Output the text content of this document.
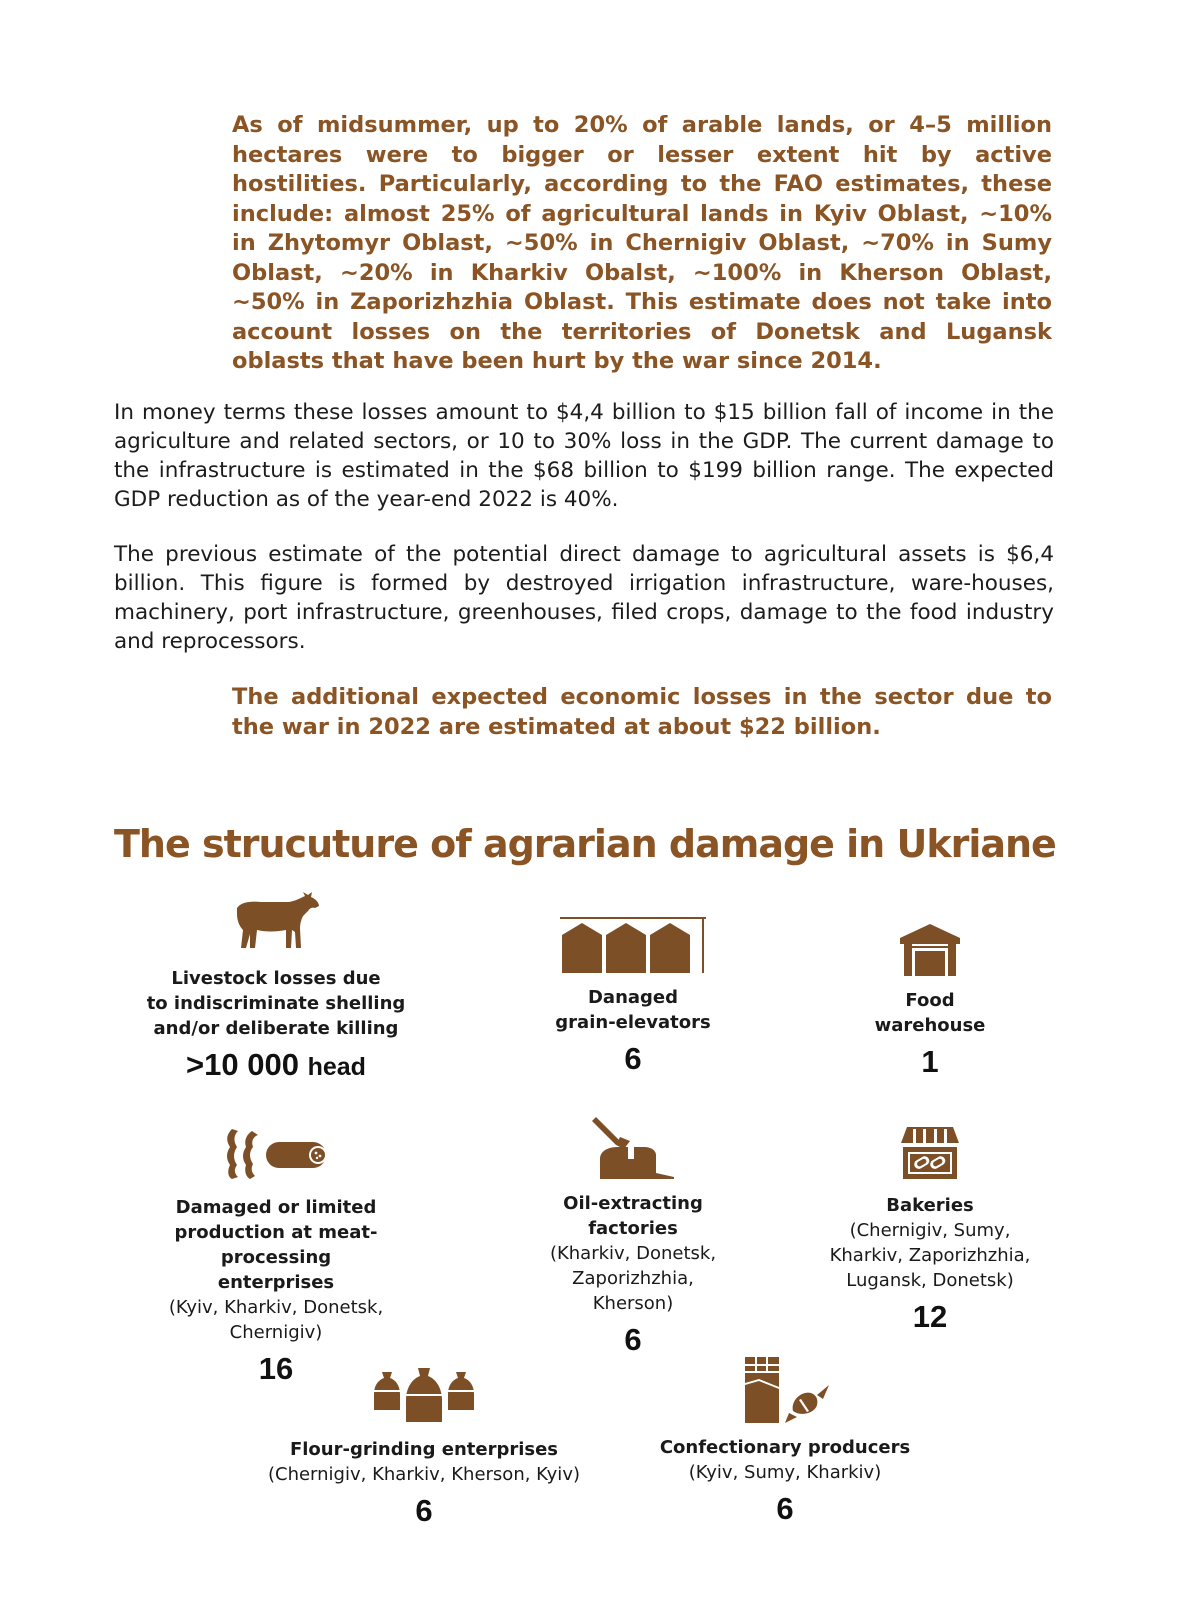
As of midsummer, up to 20% of arable lands, or 4–5 million hectares were to bigger or lesser extent hit by active hostilities. Particularly, according to the FAO estimates, these include: almost 25% of agricultural lands in Kyiv Oblast, ~10% in Zhytomyr Oblast, ~50% in Chernigiv Oblast, ~70% in Sumy Oblast, ~20% in Kharkiv Obalst, ~100% in Kherson Oblast, ~50% in Zaporizhzhia Oblast. This estimate does not take into account losses on the territories of Donetsk and Lugansk oblasts that have been hurt by the war since 2014.

In money terms these losses amount to $4,4 billion to $15 billion fall of income in the agriculture and related sectors, or 10 to 30% loss in the GDP. The current damage to the infrastructure is estimated in the $68 billion to $199 billion range. The expected GDP reduction as of the year-end 2022 is 40%.

The previous estimate of the potential direct damage to agricultural assets is $6,4 billion. This figure is formed by destroyed irrigation infrastructure, ware-houses, machinery, port infrastructure, greenhouses, filed crops, damage to the food industry and reprocessors.

The additional expected economic losses in the sector due to the war in 2022 are estimated at about $22 billion.

The strucuture of agrarian damage in Ukriane
Livestock losses due
to indiscriminate shelling
and/or deliberate killing
>10 000 head
Danaged
grain-elevators
6
Food
warehouse
1
Damaged or limited
production at meat-processing
enterprises
(Kyiv, Kharkiv, Donetsk, Chernigiv)
16
Oil-extracting
factories
(Kharkiv, Donetsk,
Zaporizhzhia, Kherson)
6
Bakeries
(Chernigiv, Sumy,
Kharkiv, Zaporizhzhia,
Lugansk, Donetsk)
12
Flour-grinding enterprises
(Chernigiv, Kharkiv, Kherson, Kyiv)
6
Confectionary producers
(Kyiv, Sumy, Kharkiv)
6
